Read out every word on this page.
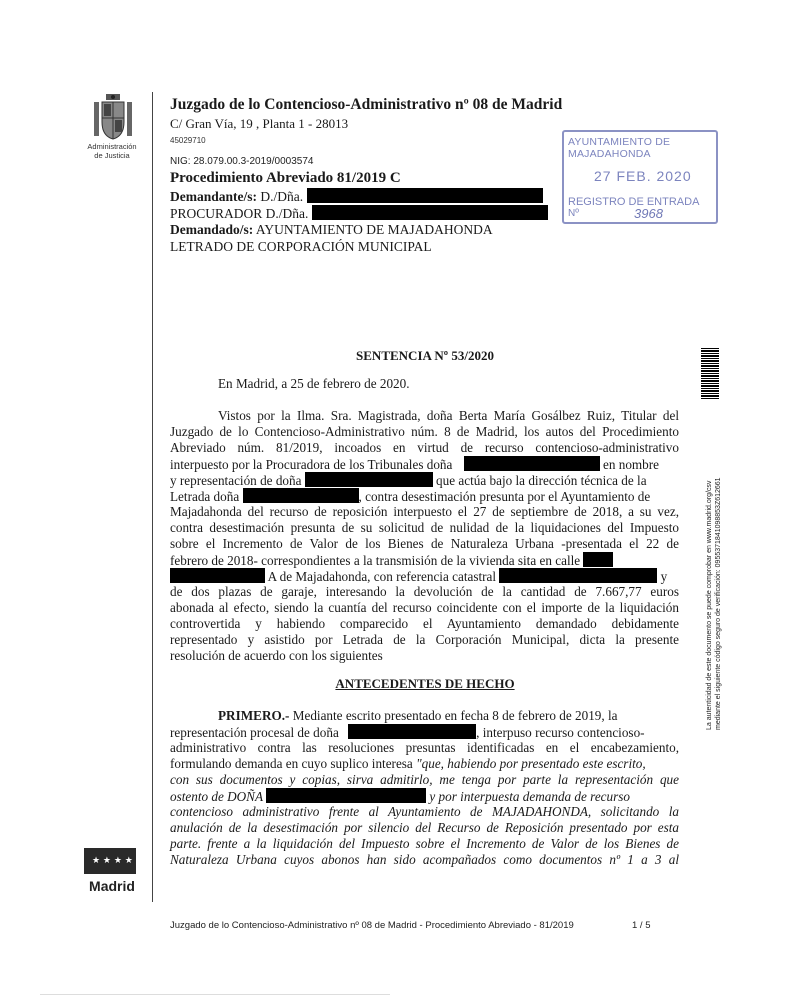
Administración
de Justicia
★ ★ ★ ★
Madrid
Juzgado de lo Contencioso-Administrativo nº 08 de Madrid
C/ Gran Vía, 19 , Planta 1 - 28013
45029710
NIG: 28.079.00.3-2019/0003574
Procedimiento Abreviado 81/2019 C
Demandante/s: D./Dña.
PROCURADOR D./Dña.
Demandado/s: AYUNTAMIENTO DE MAJADAHONDA
LETRADO DE CORPORACIÓN MUNICIPAL
AYUNTAMIENTO DE MAJADAHONDA
27 FEB. 2020
REGISTRO DE ENTRADA
Nº	3968
SENTENCIA Nº 53/2020
En Madrid, a 25 de febrero de 2020.
Vistos por la Ilma. Sra. Magistrada, doña Berta María Gosálbez Ruiz, Titular del
Juzgado de lo Contencioso-Administrativo núm. 8 de Madrid, los autos del Procedimiento
Abreviado núm. 81/2019, incoados en virtud de recurso contencioso-administrativo
interpuesto por la Procuradora de los Tribunales doña	en nombre
y representación de doña	que actúa bajo la dirección técnica de la
Letrada doña	, contra desestimación presunta por el Ayuntamiento de
Majadahonda del recurso de reposición interpuesto el 27 de septiembre de 2018, a su vez,
contra desestimación presunta de su solicitud de nulidad de la liquidaciones del Impuesto
sobre el Incremento de Valor de los Bienes de Naturaleza Urbana -presentada el 22 de
febrero de 2018- correspondientes a la transmisión de la vivienda sita en calle
A de Majadahonda, con referencia catastral	y
de dos plazas de garaje, interesando la devolución de la cantidad de 7.667,77 euros
abonada al efecto, siendo la cuantía del recurso coincidente con el importe de la liquidación
controvertida y habiendo comparecido el Ayuntamiento demandado debidamente
representado y asistido por Letrada de la Corporación Municipal, dicta la presente
resolución de acuerdo con los siguientes
ANTECEDENTES DE HECHO
PRIMERO.- Mediante escrito presentado en fecha 8 de febrero de 2019, la
representación procesal de doña	, interpuso recurso contencioso-
administrativo contra las resoluciones presuntas identificadas en el encabezamiento,
formulando demanda en cuyo suplico interesa "que, habiendo por presentado este escrito,
con sus documentos y copias, sirva admitirlo, me tenga por parte la representación que
ostento de DOÑA	y por interpuesta demanda de recurso
contencioso administrativo frente al Ayuntamiento de MAJADAHONDA, solicitando la
anulación de la desestimación por silencio del Recurso de Reposición presentado por esta
parte. frente a la liquidación del Impuesto sobre el Incremento de Valor de los Bienes de
Naturaleza Urbana cuyos abonos han sido acompañados como documentos nº 1 a 3 al
La autenticidad de este documento se puede comprobar en www.madrid.org/csv mediante el siguiente código seguro de verificación: 0955371841098853Z612661
Juzgado de lo Contencioso-Administrativo nº 08 de Madrid - Procedimiento Abreviado - 81/2019	1 / 5
